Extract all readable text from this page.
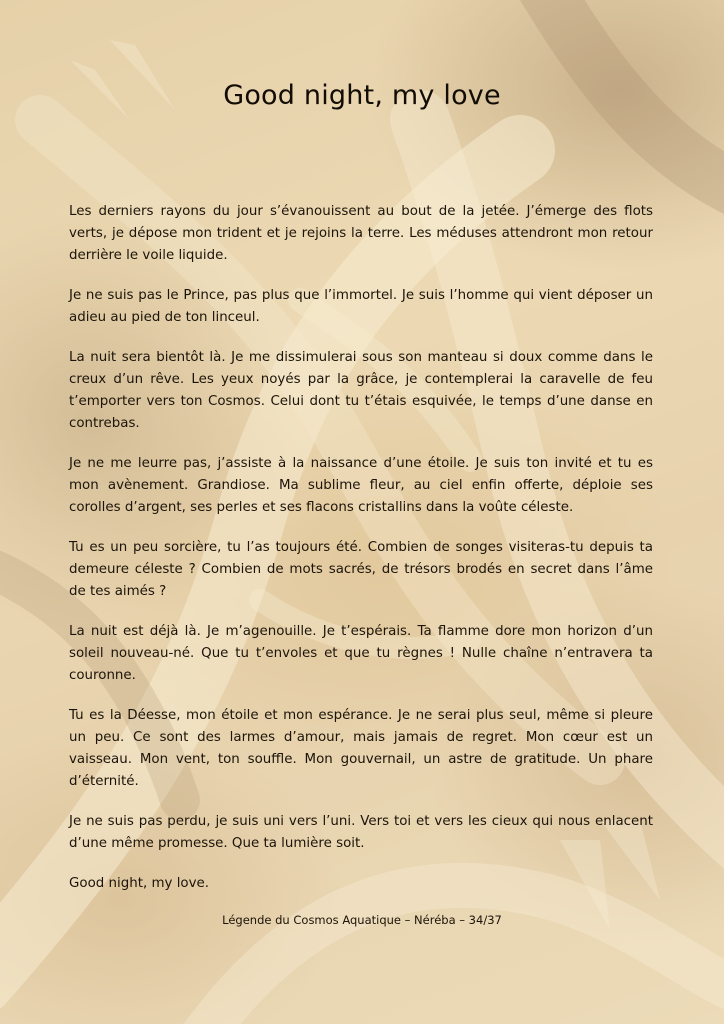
Good night, my love

Les derniers rayons du jour s’évanouissent au bout de la jetée. J’émerge des flots verts, je dépose mon trident et je rejoins la terre. Les méduses attendront mon retour derrière le voile liquide.

Je ne suis pas le Prince, pas plus que l’immortel. Je suis l’homme qui vient déposer un adieu au pied de ton linceul.

La nuit sera bientôt là. Je me dissimulerai sous son manteau si doux comme dans le creux d’un rêve. Les yeux noyés par la grâce, je contemplerai la caravelle de feu t’emporter vers ton Cosmos. Celui dont tu t’étais esquivée, le temps d’une danse en contrebas.

Je ne me leurre pas, j’assiste à la naissance d’une étoile. Je suis ton invité et tu es mon avènement. Grandiose. Ma sublime fleur, au ciel enfin offerte, déploie ses corolles d’argent, ses perles et ses flacons cristallins dans la voûte céleste.

Tu es un peu sorcière, tu l’as toujours été. Combien de songes visiteras-tu depuis ta demeure céleste ? Combien de mots sacrés, de trésors brodés en secret dans l’âme de tes aimés ?

La nuit est déjà là. Je m’agenouille. Je t’espérais. Ta flamme dore mon horizon d’un soleil nouveau-né. Que tu t’envoles et que tu règnes ! Nulle chaîne n’entravera ta couronne.

Tu es la Déesse, mon étoile et mon espérance. Je ne serai plus seul, même si pleure un peu. Ce sont des larmes d’amour, mais jamais de regret. Mon cœur est un vaisseau. Mon vent, ton souffle. Mon gouvernail, un astre de gratitude. Un phare d’éternité.

Je ne suis pas perdu, je suis uni vers l’uni. Vers toi et vers les cieux qui nous enlacent d’une même promesse. Que ta lumière soit.

Good night, my love.

Légende du Cosmos Aquatique – Néréba – 34/37
